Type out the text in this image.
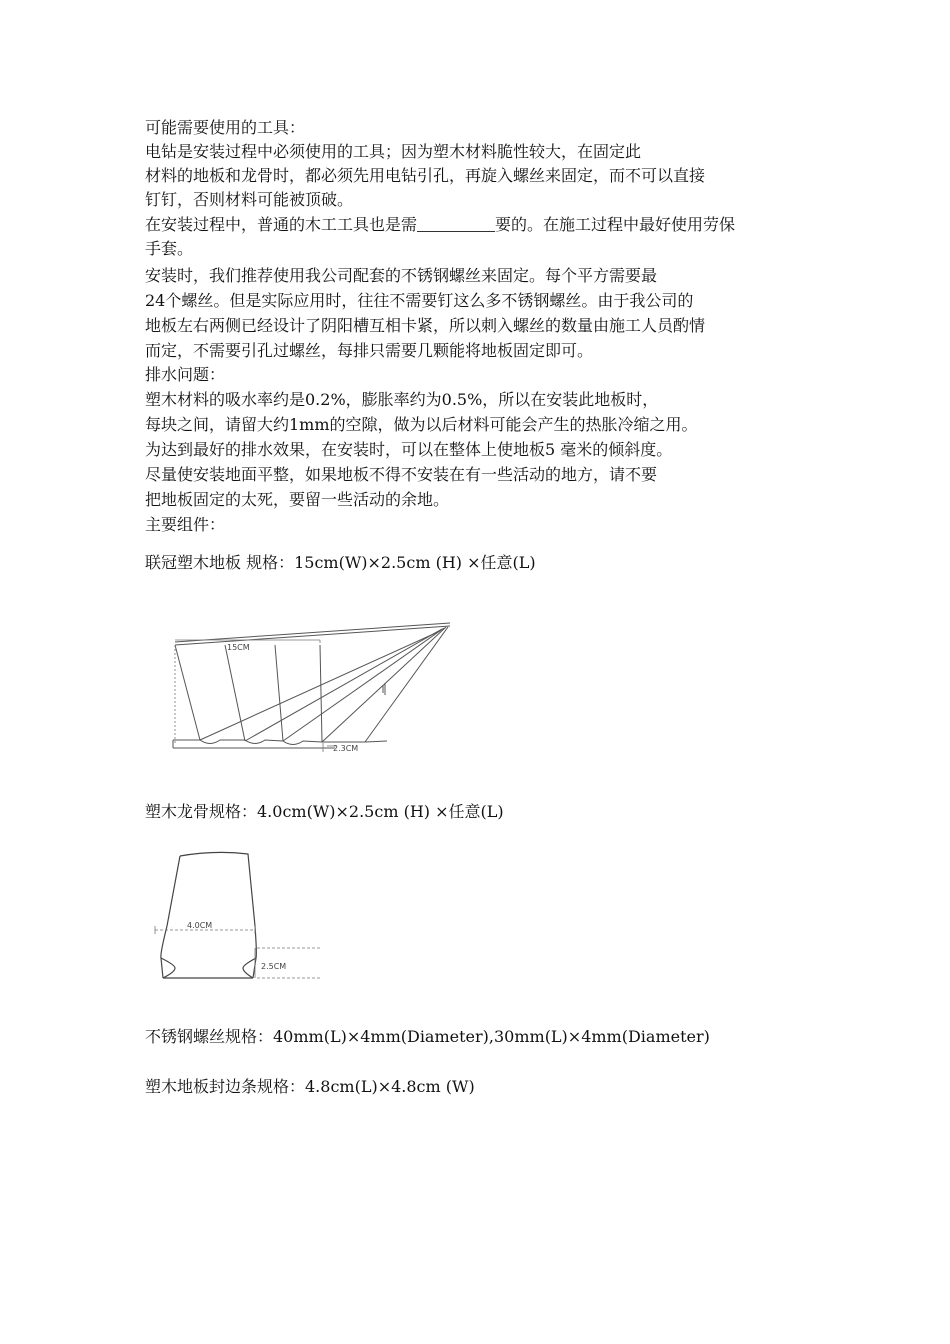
可能需要使用的工具：
电钻是安装过程中必须使用的工具；因为塑木材料脆性较大，在固定此
材料的地板和龙骨时，都必须先用电钻引孔，再旋入螺丝来固定，而不可以直接
钉钉，否则材料可能被顶破。
在安装过程中，普通的木工工具也是需	要的。在施工过程中最好使用劳保
手套。
安装时，我们推荐使用我公司配套的不锈钢螺丝来固定。每个平方需要最
24个螺丝。但是实际应用时，往往不需要钉这么多不锈钢螺丝。由于我公司的
地板左右两侧已经设计了阴阳槽互相卡紧，所以刺入螺丝的数量由施工人员酌情
而定，不需要引孔过螺丝，每排只需要几颗能将地板固定即可。
排水问题：
塑木材料的吸水率约是0.2%，膨胀率约为0.5%，所以在安装此地板时，
每块之间，请留大约1mm的空隙，做为以后材料可能会产生的热胀冷缩之用。
为达到最好的排水效果，在安装时，可以在整体上使地板5 毫米的倾斜度。
尽量使安装地面平整，如果地板不得不安装在有一些活动的地方，请不要
把地板固定的太死，要留一些活动的余地。
主要组件：
联冠塑木地板 规格：15cm(W)×2.5cm (H) ×任意(L)
15CM
2.3CM
塑木龙骨规格：4.0cm(W)×2.5cm (H) ×任意(L)
4.0CM
2.5CM
不锈钢螺丝规格：40mm(L)×4mm(Diameter),30mm(L)×4mm(Diameter)
塑木地板封边条规格：4.8cm(L)×4.8cm (W)
